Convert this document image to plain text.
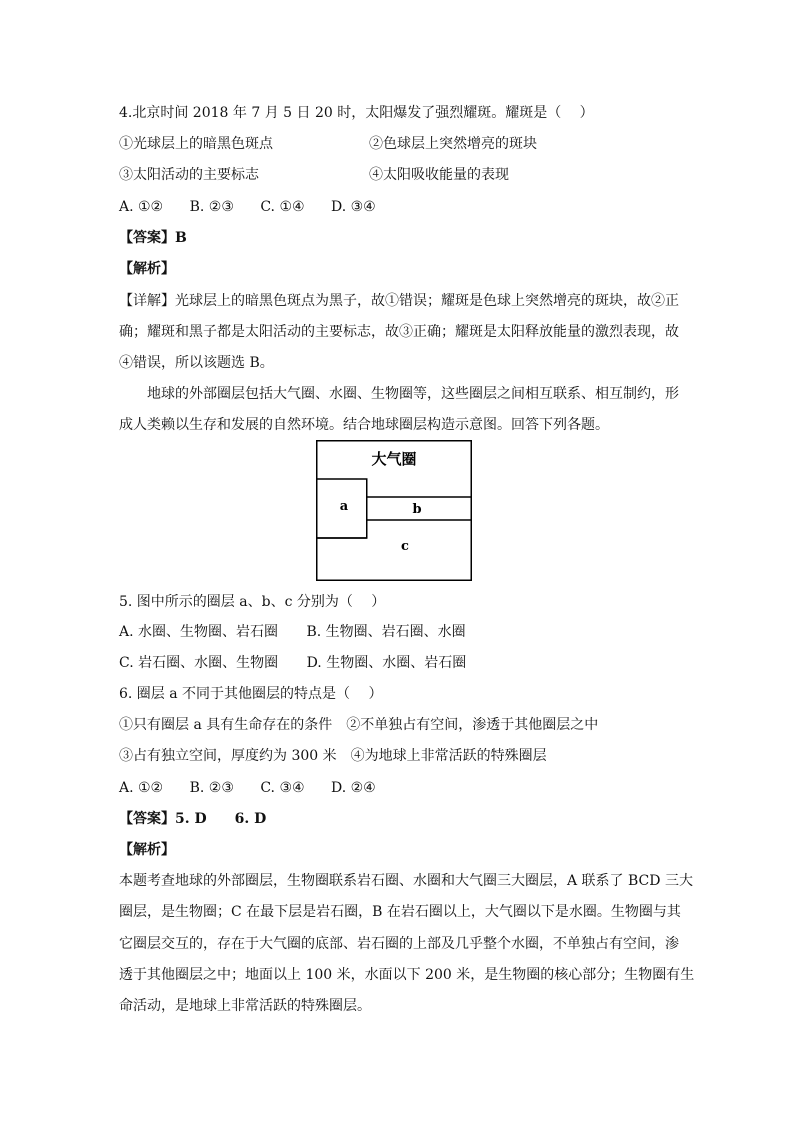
4.北京时间 2018 年 7 月 5 日 20 时，太阳爆发了强烈耀斑。耀斑是（　 ）
①光球层上的暗黑色斑点	②色球层上突然增亮的斑块
③太阳活动的主要标志	④太阳吸收能量的表现
A. ①② B. ②③ C. ①④ D. ③④
【答案】B
【解析】
【详解】光球层上的暗黑色斑点为黑子，故①错误；耀斑是色球上突然增亮的斑块，故②正
确；耀斑和黑子都是太阳活动的主要标志，故③正确；耀斑是太阳释放能量的激烈表现，故
④错误，所以该题选 B。
　　地球的外部圈层包括大气圈、水圈、生物圈等，这些圈层之间相互联系、相互制约，形
成人类赖以生存和发展的自然环境。结合地球圈层构造示意图。回答下列各题。
大气圈
a	b
c
5. 图中所示的圈层 a、b、c 分别为（　 ）
A. 水圈、生物圈、岩石圈 B. 生物圈、岩石圈、水圈
C. 岩石圈、水圈、生物圈 D. 生物圈、水圈、岩石圈
6. 圈层 a 不同于其他圈层的特点是（　 ）
①只有圈层 a 具有生命存在的条件　②不单独占有空间，渗透于其他圈层之中
③占有独立空间，厚度约为 300 米　④为地球上非常活跃的特殊圈层
A. ①② B. ②③ C. ③④ D. ②④
【答案】5. D　　6. D
【解析】
本题考查地球的外部圈层，生物圈联系岩石圈、水圈和大气圈三大圈层，A 联系了 BCD 三大
圈层，是生物圈；C 在最下层是岩石圈，B 在岩石圈以上，大气圈以下是水圈。生物圈与其
它圈层交互的，存在于大气圈的底部、岩石圈的上部及几乎整个水圈，不单独占有空间，渗
透于其他圈层之中；地面以上 100 米，水面以下 200 米，是生物圈的核心部分；生物圈有生
命活动，是地球上非常活跃的特殊圈层。
